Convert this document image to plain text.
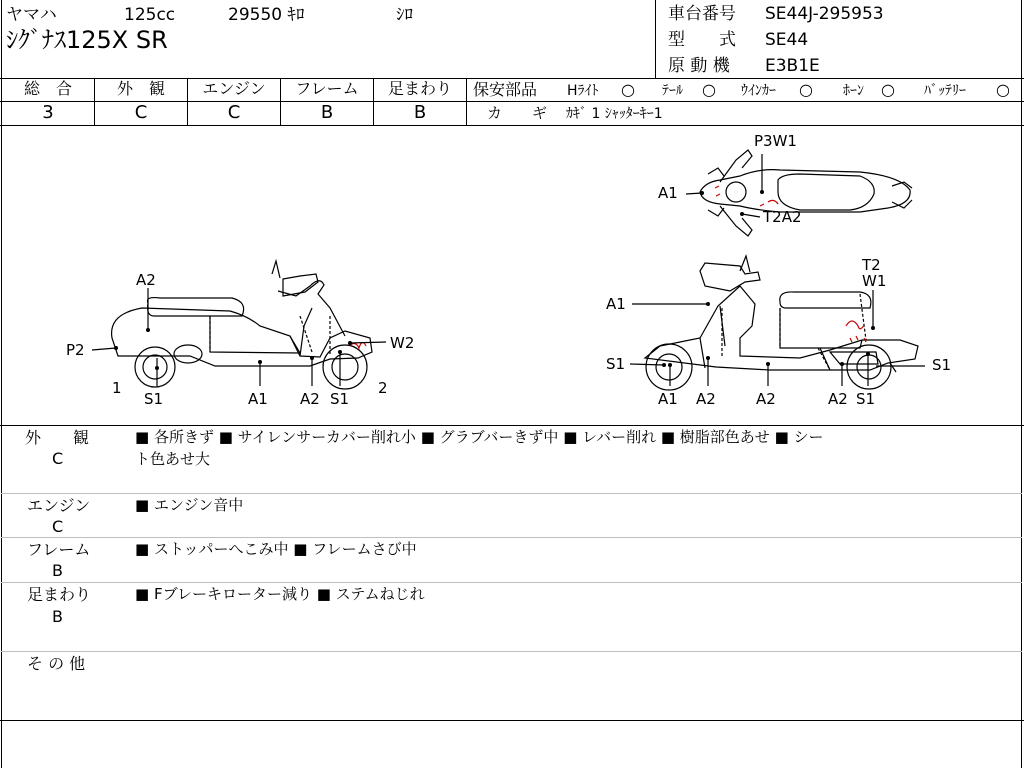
ヤマハ	125cc	29550 ｷﾛ	ｼﾛ
ｼｸﾞﾅｽ125X SR
車台番号 SE44J-295953
型　　式 SE44
原 動 機 E3B1E
総　合
3
外　観
C
エンジン
C
フレーム
B
足まわり
B
保安部品 Hﾗｲﾄ ○ ﾃｰﾙ ○ ｳｲﾝｶｰ ○ ﾎｰﾝ ○ ﾊﾞｯﾃﾘｰ ○
カ　　ギ ｶｷﾞ 1 ｼｬｯﾀｰｷｰ1
A2
P2
1
S1	A1 A2 S1
W2
2
A1
S1
A1 A2	A2
T2
W1
S1
A2 S1
P3W1
A1
T2A2
外　　観
C
■ 各所きず ■ サイレンサーカバー削れ小 ■ グラブバーきず中 ■ レバー削れ ■ 樹脂部色あせ ■ シー
ト色あせ大
エンジン
C
■ エンジン音中
フレーム
B
■ ストッパーへこみ中 ■ フレームさび中
足まわり
B
■ Fブレーキローター減り ■ ステムねじれ
そ の 他
